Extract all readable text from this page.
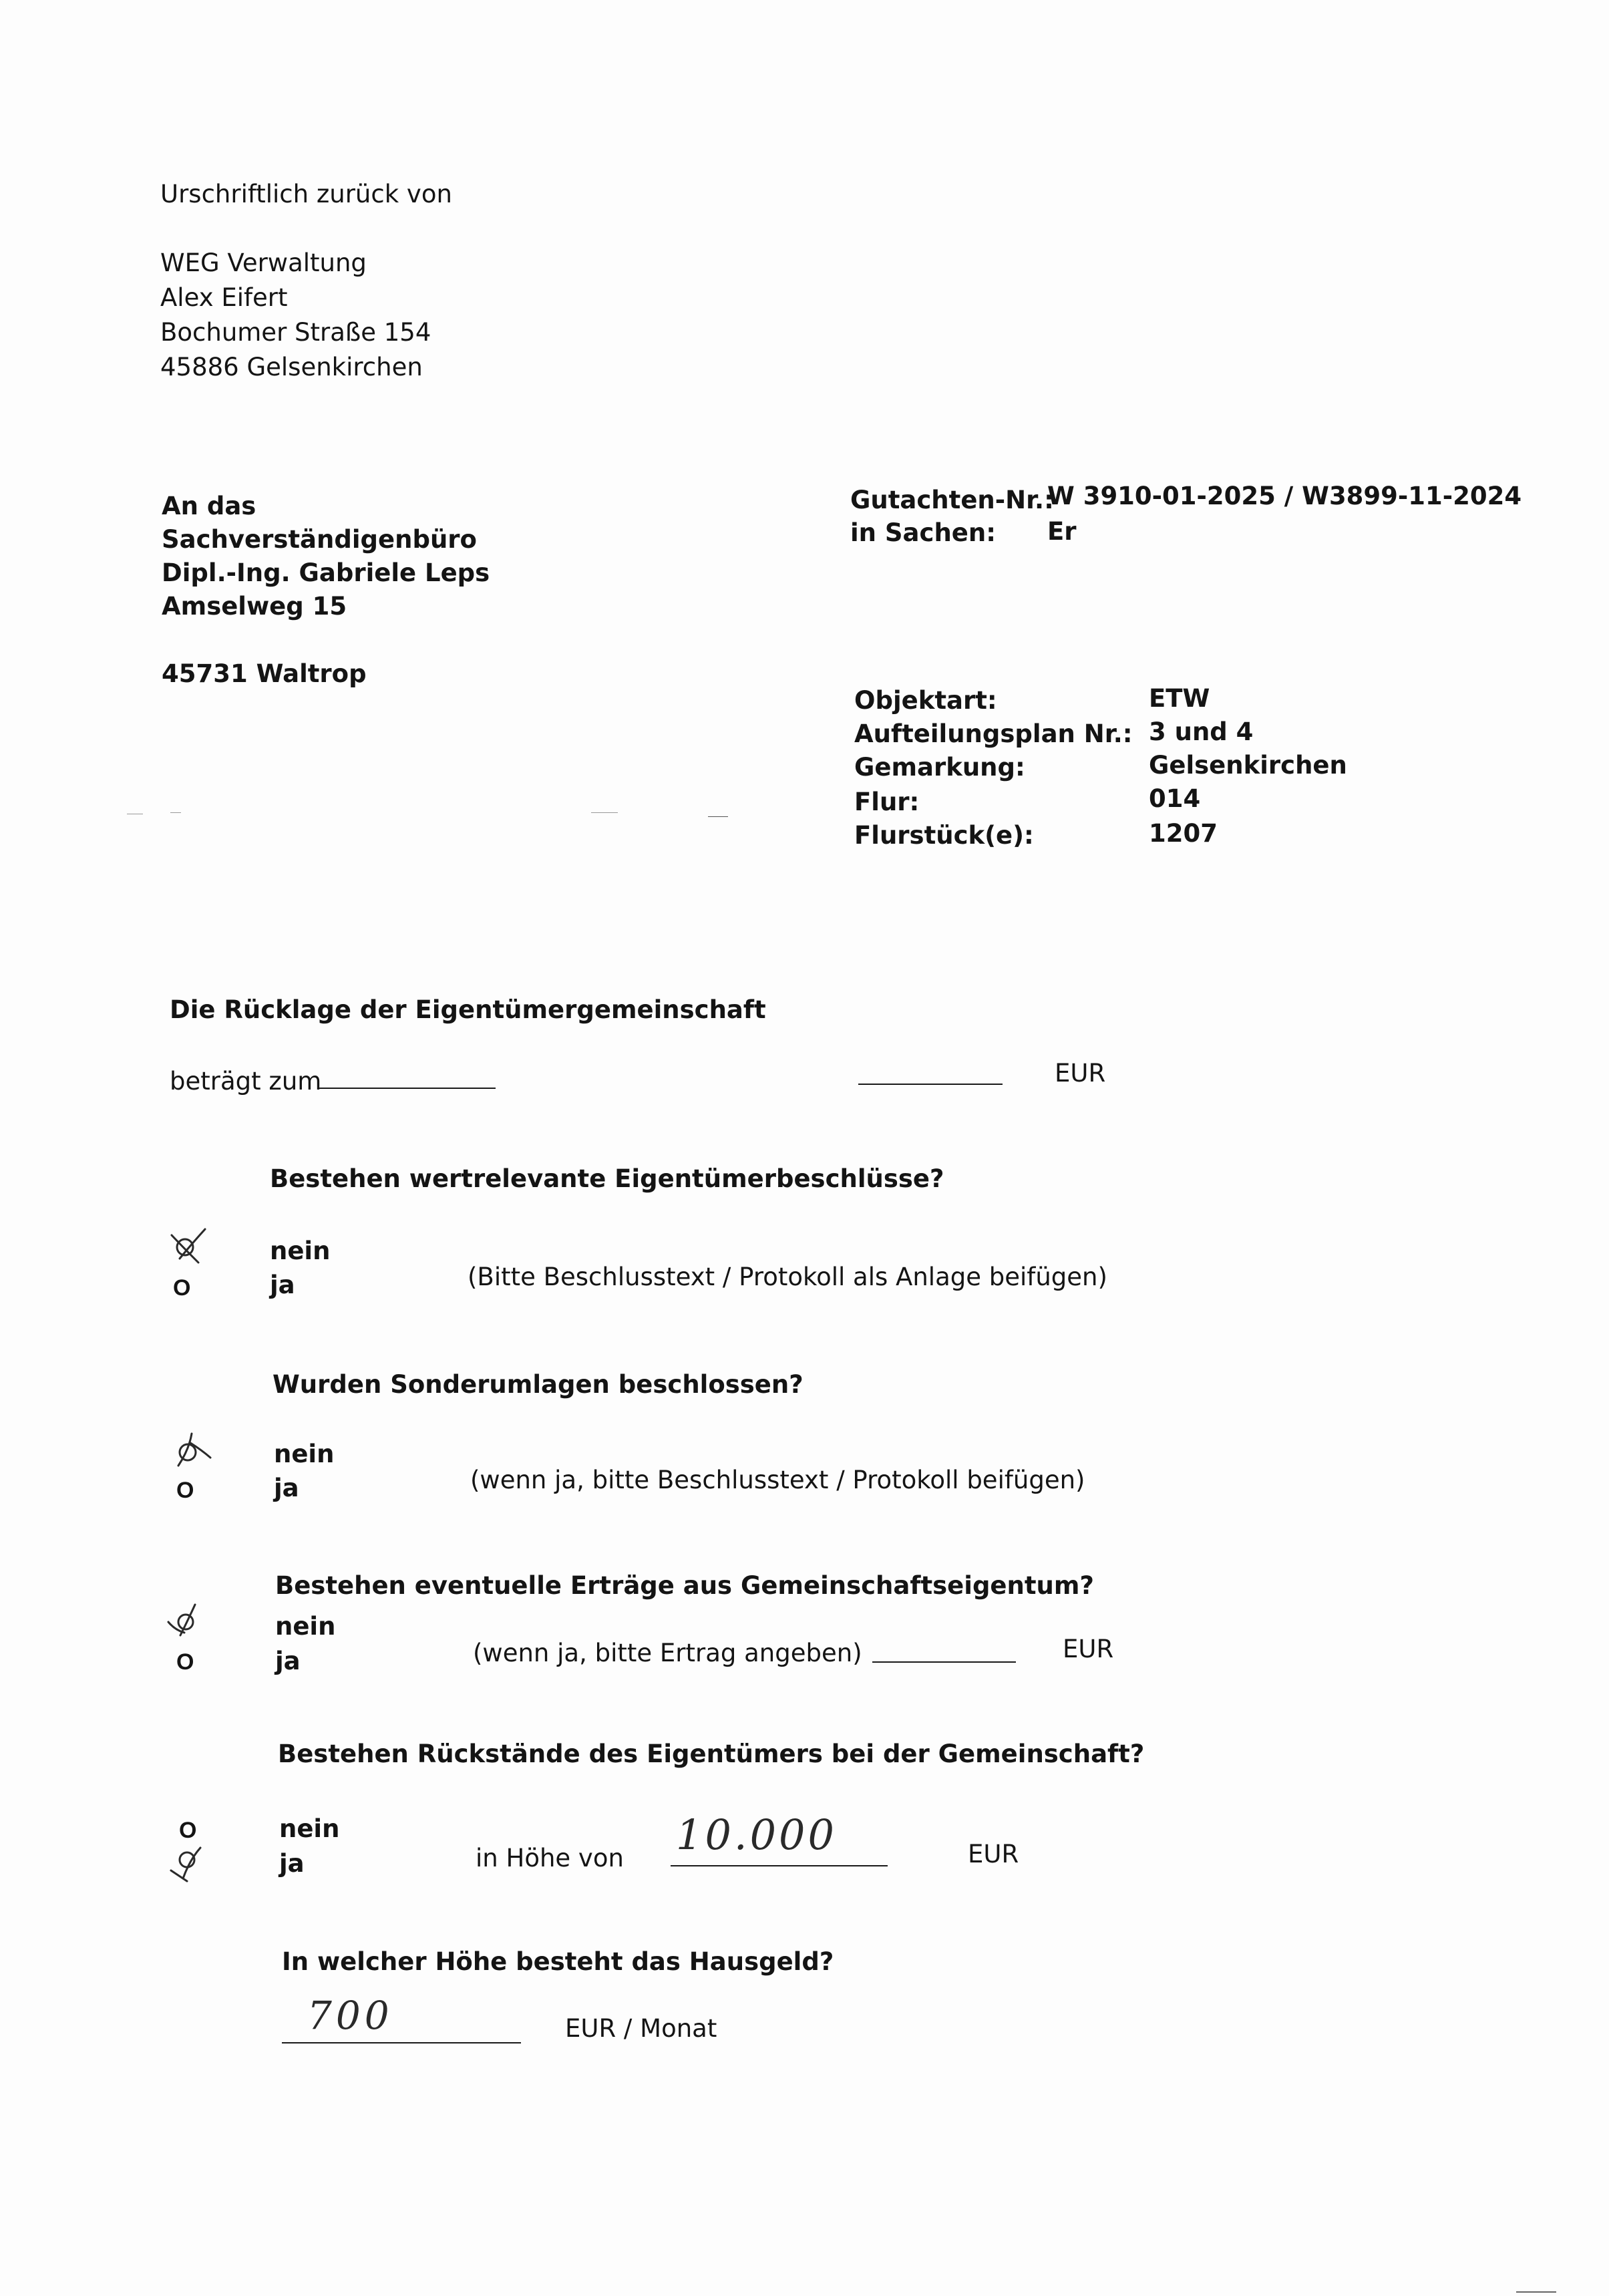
Urschriftlich zurück von
WEG Verwaltung
Alex Eifert
Bochumer Straße 154
45886 Gelsenkirchen
An das
Sachverständigenbüro
Dipl.-Ing. Gabriele Leps
Amselweg 15
45731 Waltrop
Gutachten-Nr.:
W 3910-01-2025 / W3899-11-2024
in Sachen: Er
Objektart:	ETW
Aufteilungsplan Nr.: 3 und 4
Gemarkung:	Gelsenkirchen
Flur:	014
Flurstück(e):	1207
Die Rücklage der Eigentümergemeinschaft
beträgt zum	EUR
Bestehen wertrelevante Eigentümerbeschlüsse?
nein
O	ja	(Bitte Beschlusstext / Protokoll als Anlage beifügen)
Wurden Sonderumlagen beschlossen?
nein
O	ja	(wenn ja, bitte Beschlusstext / Protokoll beifügen)
Bestehen eventuelle Erträge aus Gemeinschaftseigentum?
nein
O	ja	(wenn ja, bitte Ertrag angeben)	EUR
Bestehen Rückstände des Eigentümers bei der Gemeinschaft?
O	nein
ja	in Höhe von 10.000	EUR
In welcher Höhe besteht das Hausgeld?
700	EUR / Monat
